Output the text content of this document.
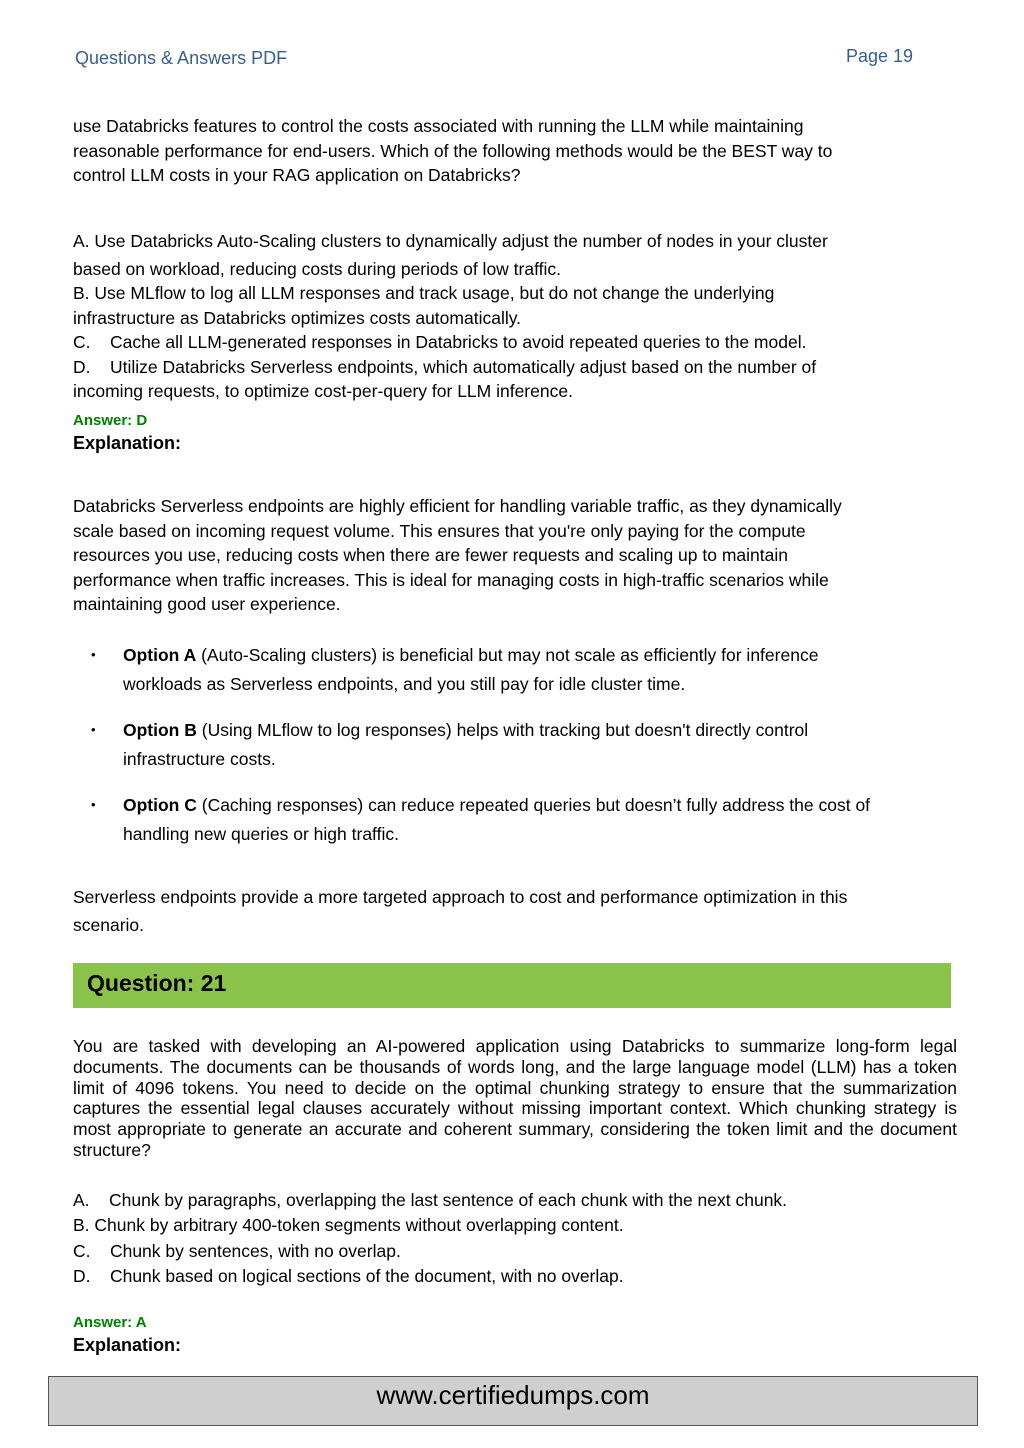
Questions & Answers PDF	Page 19
use Databricks features to control the costs associated with running the LLM while maintaining
reasonable performance for end-users. Which of the following methods would be the BEST way to
control LLM costs in your RAG application on Databricks?
A. Use Databricks Auto-Scaling clusters to dynamically adjust the number of nodes in your cluster
based on workload, reducing costs during periods of low traffic.
B. Use MLflow to log all LLM responses and track usage, but do not change the underlying
infrastructure as Databricks optimizes costs automatically.
C.    Cache all LLM-generated responses in Databricks to avoid repeated queries to the model.
D.    Utilize Databricks Serverless endpoints, which automatically adjust based on the number of
incoming requests, to optimize cost-per-query for LLM inference.
Answer: D
Explanation:
Databricks Serverless endpoints are highly efficient for handling variable traffic, as they dynamically
scale based on incoming request volume. This ensures that you're only paying for the compute
resources you use, reducing costs when there are fewer requests and scaling up to maintain
performance when traffic increases. This is ideal for managing costs in high-traffic scenarios while
maintaining good user experience.
• Option A (Auto-Scaling clusters) is beneficial but may not scale as efficiently for inference
workloads as Serverless endpoints, and you still pay for idle cluster time.
• Option B (Using MLflow to log responses) helps with tracking but doesn't directly control
infrastructure costs.
• Option C (Caching responses) can reduce repeated queries but doesn’t fully address the cost of
handling new queries or high traffic.
Serverless endpoints provide a more targeted approach to cost and performance optimization in this
scenario.
Question: 21
You are tasked with developing an AI-powered application using Databricks to summarize long-form legal documents. The documents can be thousands of words long, and the large language model (LLM) has a token limit of 4096 tokens. You need to decide on the optimal chunking strategy to ensure that the summarization captures the essential legal clauses accurately without missing important context. Which chunking strategy is most appropriate to generate an accurate and coherent summary, considering the token limit and the document structure?
A.    Chunk by paragraphs, overlapping the last sentence of each chunk with the next chunk.
B. Chunk by arbitrary 400-token segments without overlapping content.
C.    Chunk by sentences, with no overlap.
D.    Chunk based on logical sections of the document, with no overlap.
Answer: A
Explanation:
www.certifiedumps.com
